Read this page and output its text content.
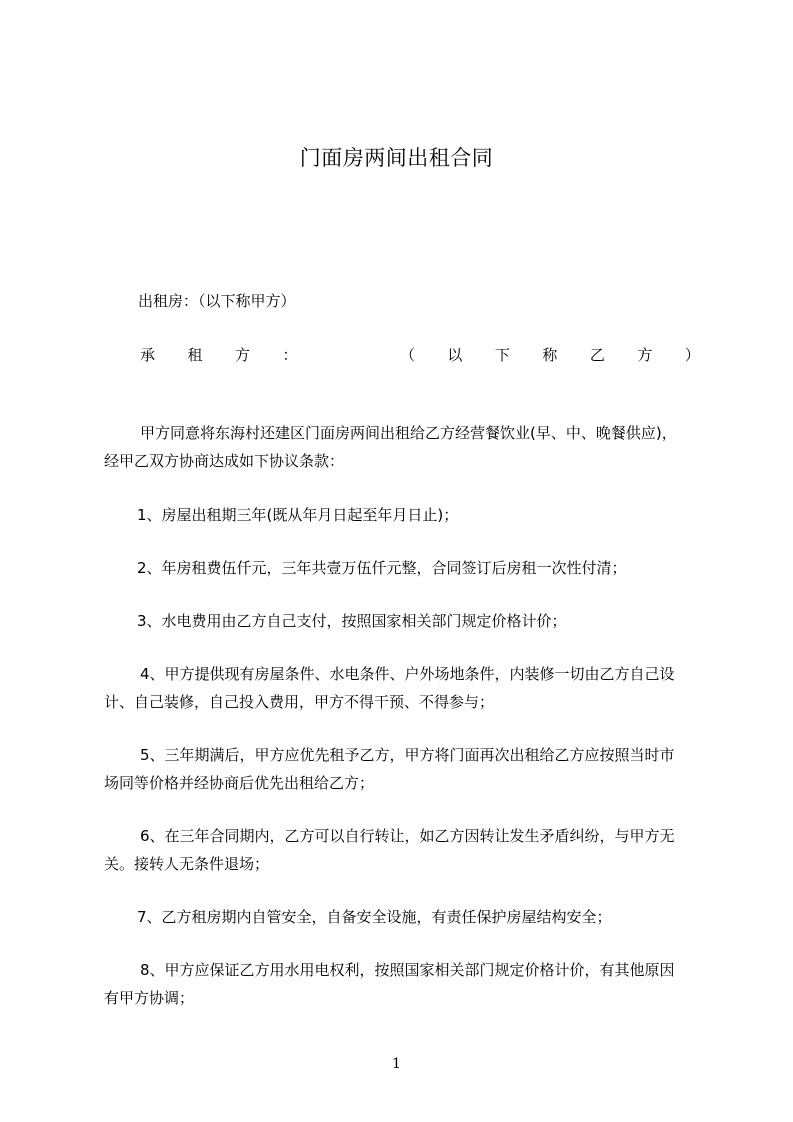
门面房两间出租合同
出租房：（以下称甲方）
承 租 方 ：	（ 以 下 称 乙 方 ）
甲方同意将东海村还建区门面房两间出租给乙方经营餐饮业(早、中、晚餐供应)，
经甲乙双方协商达成如下协议条款：
1、房屋出租期三年(既从年月日起至年月日止)；
2、年房租费伍仟元，三年共壹万伍仟元整，合同签订后房租一次性付清；
3、水电费用由乙方自己支付，按照国家相关部门规定价格计价；
4、甲方提供现有房屋条件、水电条件、户外场地条件，内装修一切由乙方自己设
计、自己装修，自己投入费用，甲方不得干预、不得参与；
5、三年期满后，甲方应优先租予乙方，甲方将门面再次出租给乙方应按照当时市
场同等价格并经协商后优先出租给乙方；
6、在三年合同期内，乙方可以自行转让，如乙方因转让发生矛盾纠纷，与甲方无
关。接转人无条件退场；
7、乙方租房期内自管安全，自备安全设施，有责任保护房屋结构安全；
8、甲方应保证乙方用水用电权利，按照国家相关部门规定价格计价，有其他原因
有甲方协调；
1
